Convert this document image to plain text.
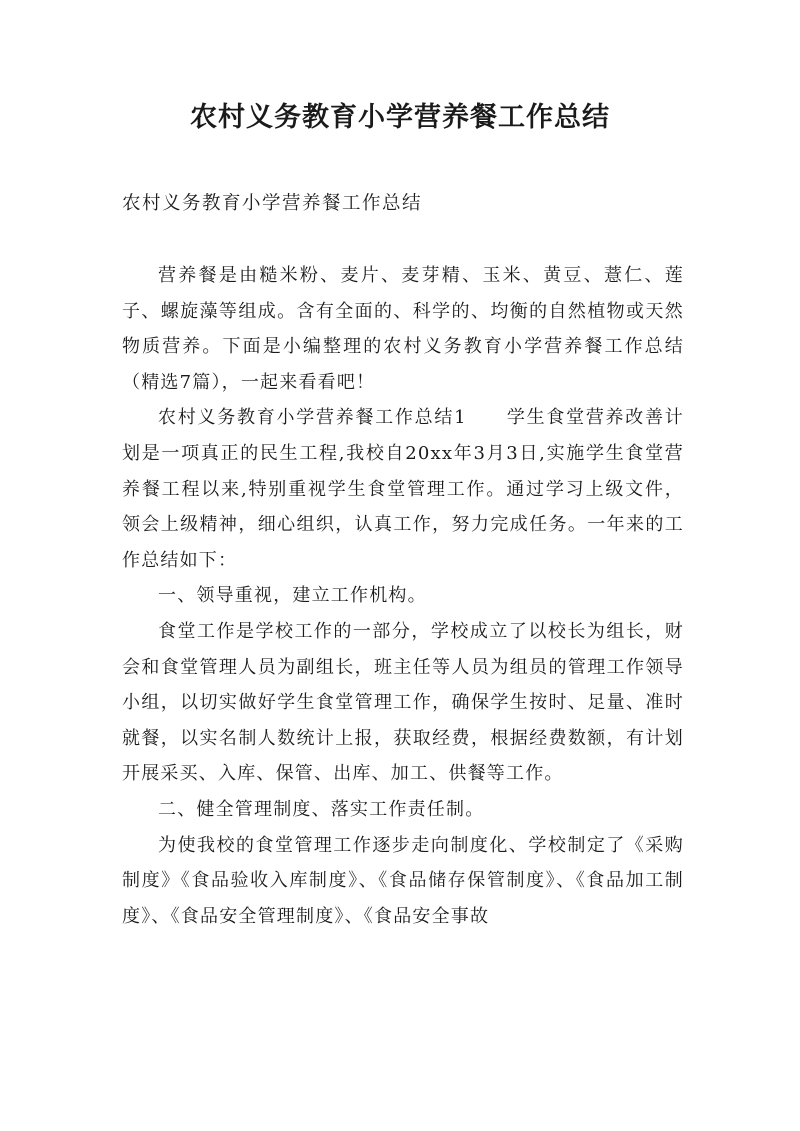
农村义务教育小学营养餐工作总结
农村义务教育小学营养餐工作总结

营养餐是由糙米粉、麦片、麦芽精、玉米、黄豆、薏仁、莲子、螺旋藻等组成。含有全面的、科学的、均衡的自然植物或天然物质营养。下面是小编整理的农村义务教育小学营养餐工作总结（精选7篇），一起来看看吧！

农村义务教育小学营养餐工作总结1　　学生食堂营养改善计划是一项真正的民生工程,我校自20xx年3月3日,实施学生食堂营养餐工程以来,特别重视学生食堂管理工作。通过学习上级文件，领会上级精神，细心组织，认真工作，努力完成任务。一年来的工作总结如下：

一、领导重视，建立工作机构。

食堂工作是学校工作的一部分，学校成立了以校长为组长，财会和食堂管理人员为副组长，班主任等人员为组员的管理工作领导小组，以切实做好学生食堂管理工作，确保学生按时、足量、准时就餐，以实名制人数统计上报，获取经费，根据经费数额，有计划开展采买、入库、保管、出库、加工、供餐等工作。

二、健全管理制度、落实工作责任制。

为使我校的食堂管理工作逐步走向制度化、学校制定了《采购制度》《食品验收入库制度》、《食品储存保管制度》、《食品加工制度》、《食品安全管理制度》、《食品安全事故
